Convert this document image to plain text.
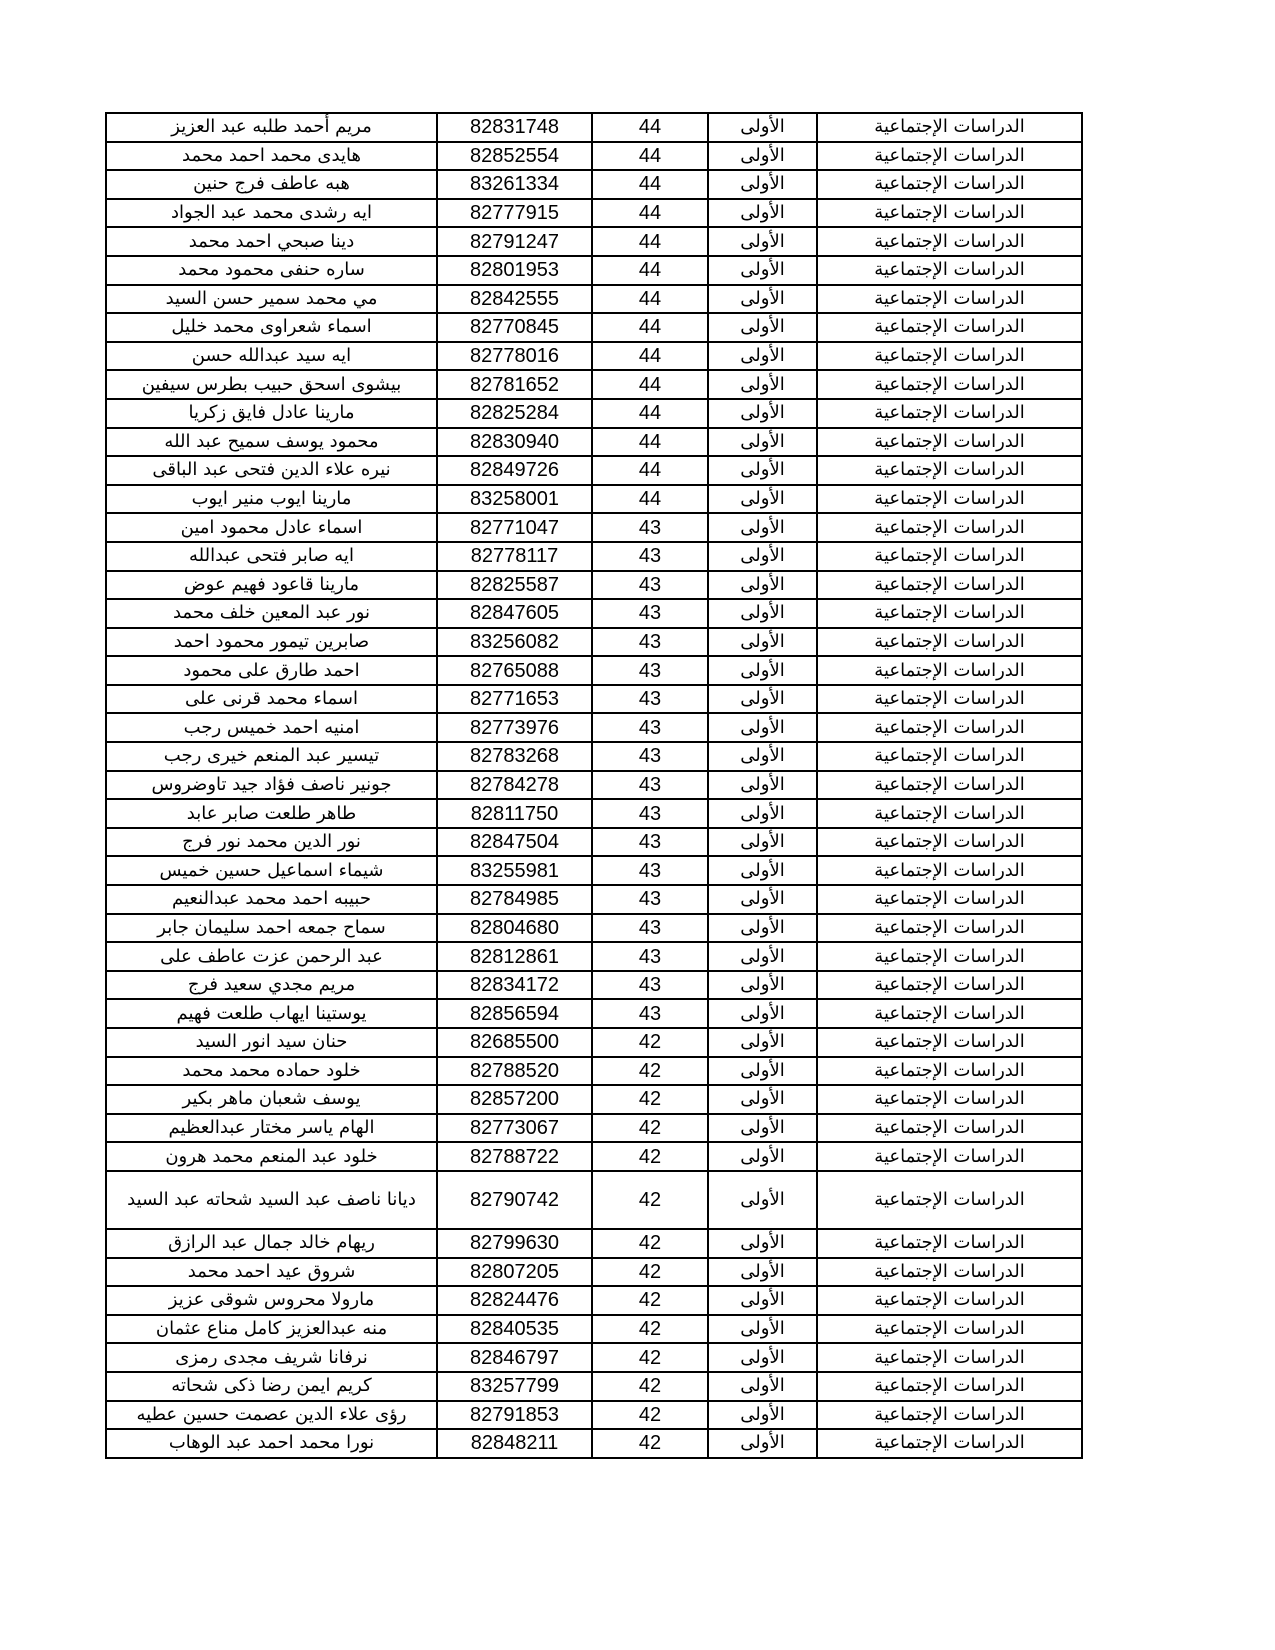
مريم أحمد طلبه عبد العزيز	82831748	44	الأولى	الدراسات الإجتماعية
هايدى محمد احمد محمد	82852554	44	الأولى	الدراسات الإجتماعية
هبه عاطف فرج حنين	83261334	44	الأولى	الدراسات الإجتماعية
ايه رشدى محمد عبد الجواد	82777915	44	الأولى	الدراسات الإجتماعية
دينا صبحي احمد محمد	82791247	44	الأولى	الدراسات الإجتماعية
ساره حنفى محمود محمد	82801953	44	الأولى	الدراسات الإجتماعية
مي محمد سمير حسن السيد	82842555	44	الأولى	الدراسات الإجتماعية
اسماء شعراوى محمد خليل	82770845	44	الأولى	الدراسات الإجتماعية
ايه سيد عبدالله حسن	82778016	44	الأولى	الدراسات الإجتماعية
بيشوى اسحق حبيب بطرس سيفين	82781652	44	الأولى	الدراسات الإجتماعية
مارينا عادل فايق زكريا	82825284	44	الأولى	الدراسات الإجتماعية
محمود يوسف سميح عبد الله	82830940	44	الأولى	الدراسات الإجتماعية
نيره علاء الدين فتحى عبد الباقى	82849726	44	الأولى	الدراسات الإجتماعية
مارينا ايوب منير ايوب	83258001	44	الأولى	الدراسات الإجتماعية
اسماء عادل محمود امين	82771047	43	الأولى	الدراسات الإجتماعية
ايه صابر فتحى عبدالله	82778117	43	الأولى	الدراسات الإجتماعية
مارينا قاعود فهيم عوض	82825587	43	الأولى	الدراسات الإجتماعية
نور عبد المعين خلف محمد	82847605	43	الأولى	الدراسات الإجتماعية
صابرين تيمور محمود احمد	83256082	43	الأولى	الدراسات الإجتماعية
احمد طارق على محمود	82765088	43	الأولى	الدراسات الإجتماعية
اسماء محمد قرنى على	82771653	43	الأولى	الدراسات الإجتماعية
امنيه احمد خميس رجب	82773976	43	الأولى	الدراسات الإجتماعية
تيسير عبد المنعم خيرى رجب	82783268	43	الأولى	الدراسات الإجتماعية
جونير ناصف فؤاد جيد تاوضروس	82784278	43	الأولى	الدراسات الإجتماعية
طاهر طلعت صابر عابد	82811750	43	الأولى	الدراسات الإجتماعية
نور الدين محمد نور فرج	82847504	43	الأولى	الدراسات الإجتماعية
شيماء اسماعيل حسين خميس	83255981	43	الأولى	الدراسات الإجتماعية
حبيبه احمد محمد عبدالنعيم	82784985	43	الأولى	الدراسات الإجتماعية
سماح جمعه احمد سليمان جابر	82804680	43	الأولى	الدراسات الإجتماعية
عبد الرحمن عزت عاطف على	82812861	43	الأولى	الدراسات الإجتماعية
مريم مجدي سعيد فرج	82834172	43	الأولى	الدراسات الإجتماعية
يوستينا ايهاب طلعت فهيم	82856594	43	الأولى	الدراسات الإجتماعية
حنان سيد انور السيد	82685500	42	الأولى	الدراسات الإجتماعية
خلود حماده محمد محمد	82788520	42	الأولى	الدراسات الإجتماعية
يوسف شعبان ماهر بكير	82857200	42	الأولى	الدراسات الإجتماعية
الهام ياسر مختار عبدالعظيم	82773067	42	الأولى	الدراسات الإجتماعية
خلود عبد المنعم محمد هرون	82788722	42	الأولى	الدراسات الإجتماعية
ديانا ناصف عبد السيد شحاته عبد السيد	82790742	42	الأولى	الدراسات الإجتماعية
ريهام خالد جمال عبد الرازق	82799630	42	الأولى	الدراسات الإجتماعية
شروق عيد احمد محمد	82807205	42	الأولى	الدراسات الإجتماعية
مارولا محروس شوقى عزيز	82824476	42	الأولى	الدراسات الإجتماعية
منه عبدالعزيز كامل مناع عثمان	82840535	42	الأولى	الدراسات الإجتماعية
نرفانا شريف مجدى رمزى	82846797	42	الأولى	الدراسات الإجتماعية
كريم ايمن رضا ذكى شحاته	83257799	42	الأولى	الدراسات الإجتماعية
رؤى علاء الدين عصمت حسين عطيه	82791853	42	الأولى	الدراسات الإجتماعية
نورا محمد احمد عبد الوهاب	82848211	42	الأولى	الدراسات الإجتماعية
